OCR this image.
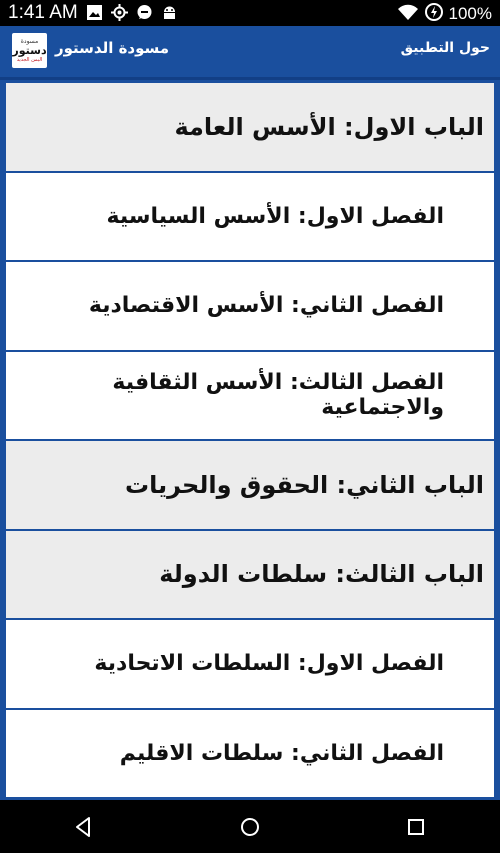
1:41 AM	100%
مسودة
دستور
اليمن الجديد
مسودة الدستور	حول التطبيق
الباب الاول: الأسس العامة
الفصل الاول: الأسس السياسية
الفصل الثاني: الأسس الاقتصادية
الفصل الثالث: الأسس الثقافية والاجتماعية
الباب الثاني: الحقوق والحريات
الباب الثالث: سلطات الدولة
الفصل الاول: السلطات الاتحادية
الفصل الثاني: سلطات الاقليم
